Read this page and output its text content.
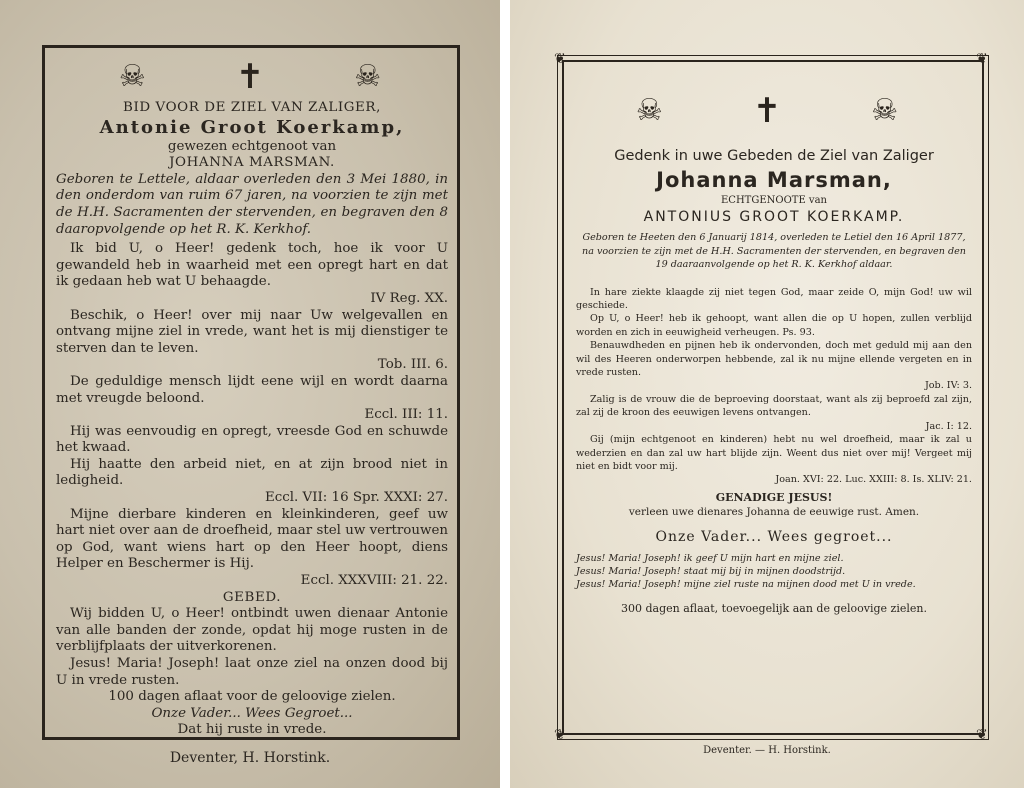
☠	✝	☠
BID VOOR DE ZIEL VAN ZALIGER,
Antonie Groot Koerkamp,
gewezen echtgenoot van
JOHANNA MARSMAN.
Geboren te Lettele, aldaar overleden den 3 Mei 1880, in den onderdom van ruim 67 jaren, na voorzien te zijn met de H.H. Sacramenten der stervenden, en begraven den 8 daaropvolgende op het R. K. Kerkhof.
Ik bid U, o Heer! gedenk toch, hoe ik voor U gewandeld heb in waarheid met een opregt hart en dat ik gedaan heb wat U behaagde.
IV Reg. XX.
Beschik, o Heer! over mij naar Uw welgevallen en ontvang mijne ziel in vrede, want het is mij dienstiger te sterven dan te leven.
Tob. III. 6.
De geduldige mensch lijdt eene wijl en wordt daarna met vreugde beloond.
Eccl. III: 11.
Hij was eenvoudig en opregt, vreesde God en schuwde het kwaad.
Hij haatte den arbeid niet, en at zijn brood niet in ledigheid.
Eccl. VII: 16 Spr. XXXI: 27.
Mijne dierbare kinderen en kleinkinderen, geef uw hart niet over aan de droefheid, maar stel uw vertrouwen op God, want wiens hart op den Heer hoopt, diens Helper en Beschermer is Hij.
Eccl. XXXVIII: 21. 22.
GEBED.
Wij bidden U, o Heer! ontbindt uwen dienaar Antonie van alle banden der zonde, opdat hij moge rusten in de verblijfplaats der uitverkorenen.
Jesus! Maria! Joseph! laat onze ziel na onzen dood bij U in vrede rusten.
100 dagen aflaat voor de geloovige zielen.
Onze Vader... Wees Gegroet...
Dat hij ruste in vrede.
Deventer, H. Horstink.
❦	❦
❦	❦
☠	✝	☠
Gedenk in uwe Gebeden de Ziel van Zaliger
Johanna Marsman,
ECHTGENOOTE van
ANTONIUS GROOT KOERKAMP.
Geboren te Heeten den 6 Januarij 1814, overleden te Letiel den 16 April 1877, na voorzien te zijn met de H.H. Sacramenten der stervenden, en begraven den 19 daaraanvolgende op het R. K. Kerkhof aldaar.
In hare ziekte klaagde zij niet tegen God, maar zeide O, mijn God! uw wil geschiede.
Op U, o Heer! heb ik gehoopt, want allen die op U hopen, zullen verblijd worden en zich in eeuwigheid verheugen. Ps. 93.
Benauwdheden en pijnen heb ik ondervonden, doch met geduld mij aan den wil des Heeren onderworpen hebbende, zal ik nu mijne ellende vergeten en in vrede rusten.
Job. IV: 3.
Zalig is de vrouw die de beproeving doorstaat, want als zij beproefd zal zijn, zal zij de kroon des eeuwigen levens ontvangen.
Jac. I: 12.
Gij (mijn echtgenoot en kinderen) hebt nu wel droefheid, maar ik zal u wederzien en dan zal uw hart blijde zijn. Weent dus niet over mij! Vergeet mij niet en bidt voor mij.
Joan. XVI: 22. Luc. XXIII: 8. Is. XLIV: 21.
GENADIGE JESUS!
verleen uwe dienares Johanna de eeuwige rust. Amen.
Onze Vader... Wees gegroet...
Jesus! Maria! Joseph! ik geef U mijn hart en mijne ziel.
Jesus! Maria! Joseph! staat mij bij in mijnen doodstrijd.
Jesus! Maria! Joseph! mijne ziel ruste na mijnen dood met U in vrede.
300 dagen aflaat, toevoegelijk aan de geloovige zielen.
Deventer. — H. Horstink.
